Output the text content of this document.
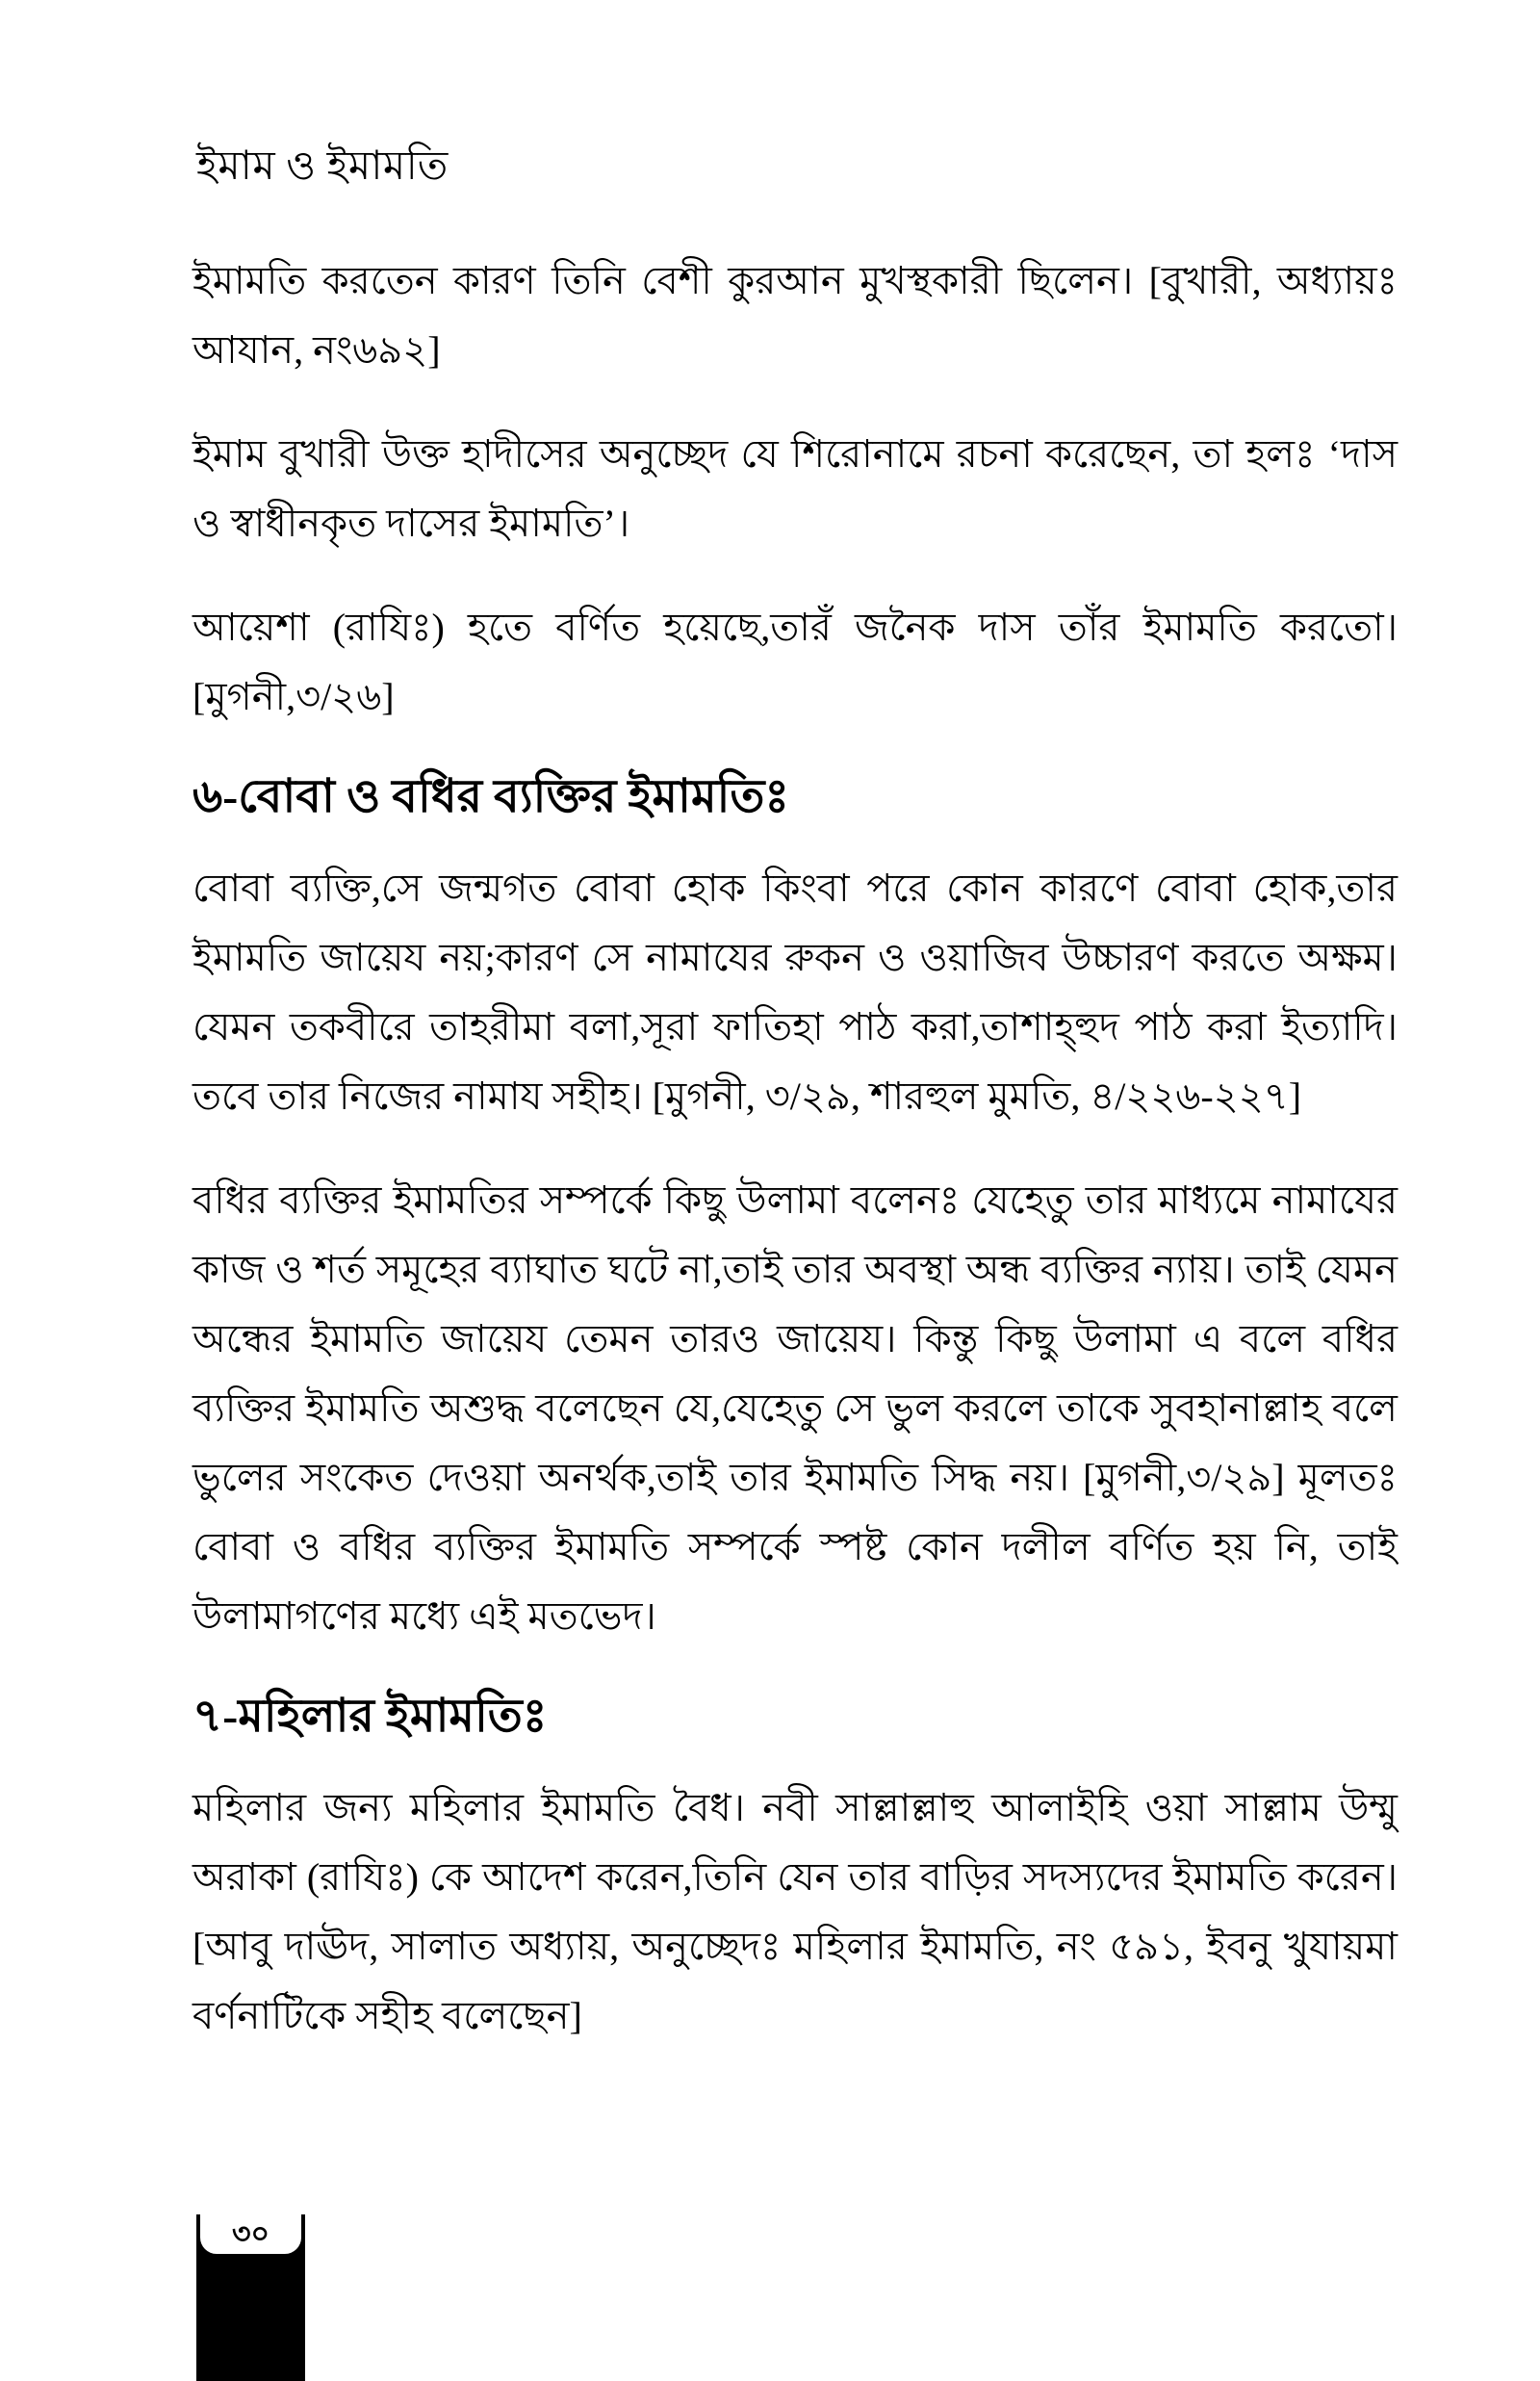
ইমাম ও ইমামতি

ইমামতি করতেন কারণ তিনি বেশী কুরআন মুখস্থকারী ছিলেন। [বুখারী, অধ্যায়ঃ আযান, নং৬৯২]

ইমাম বুখারী উক্ত হাদীসের অনুচ্ছেদ যে শিরোনামে রচনা করেছেন, তা হলঃ ‘দাস ও স্বাধীনকৃত দাসের ইমামতি’।

আয়েশা (রাযিঃ) হতে বর্ণিত হয়েছে,তারঁ জনৈক দাস তাঁর ইমামতি করতো। [মুগনী,৩/২৬]

৬-বোবা ও বধির ব্যক্তির ইমামতিঃ

বোবা ব্যক্তি,সে জন্মগত বোবা হোক কিংবা পরে কোন কারণে বোবা হোক,তার ইমামতি জায়েয নয়;কারণ সে নামাযের রুকন ও ওয়াজিব উচ্চারণ করতে অক্ষম। যেমন তকবীরে তাহরীমা বলা,সূরা ফাতিহা পাঠ করা,তাশাহ্হুদ পাঠ করা ইত্যাদি। তবে তার নিজের নামায সহীহ। [মুগনী, ৩/২৯, শারহুল মুমতি, ৪/২২৬-২২৭]

বধির ব্যক্তির ইমামতির সম্পর্কে কিছু উলামা বলেনঃ যেহেতু তার মাধ্যমে নামাযের কাজ ও শর্ত সমূহের ব্যাঘাত ঘটে না,তাই তার অবস্থা অন্ধ ব্যক্তির ন্যায়। তাই যেমন অন্ধের ইমামতি জায়েয তেমন তারও জায়েয। কিন্তু কিছু উলামা এ বলে বধির ব্যক্তির ইমামতি অশুদ্ধ বলেছেন যে,যেহেতু সে ভুল করলে তাকে সুবহানাল্লাহ বলে ভুলের সংকেত দেওয়া অনর্থক,তাই তার ইমামতি সিদ্ধ নয়। [মুগনী,৩/২৯] মূলতঃ বোবা ও বধির ব্যক্তির ইমামতি সম্পর্কে স্পষ্ট কোন দলীল বর্ণিত হয় নি, তাই উলামাগণের মধ্যে এই মতভেদ।

৭-মহিলার ইমামতিঃ

মহিলার জন্য মহিলার ইমামতি বৈধ। নবী সাল্লাল্লাহু আলাইহি ওয়া সাল্লাম উম্মু অরাকা (রাযিঃ) কে আদেশ করেন,তিনি যেন তার বাড়ির সদস্যদের ইমামতি করেন। [আবু দাঊদ, সালাত অধ্যায়, অনুচ্ছেদঃ মহিলার ইমামতি, নং ৫৯১, ইবনু খুযায়মা বর্ণনাটিকে সহীহ বলেছেন]

৩০
